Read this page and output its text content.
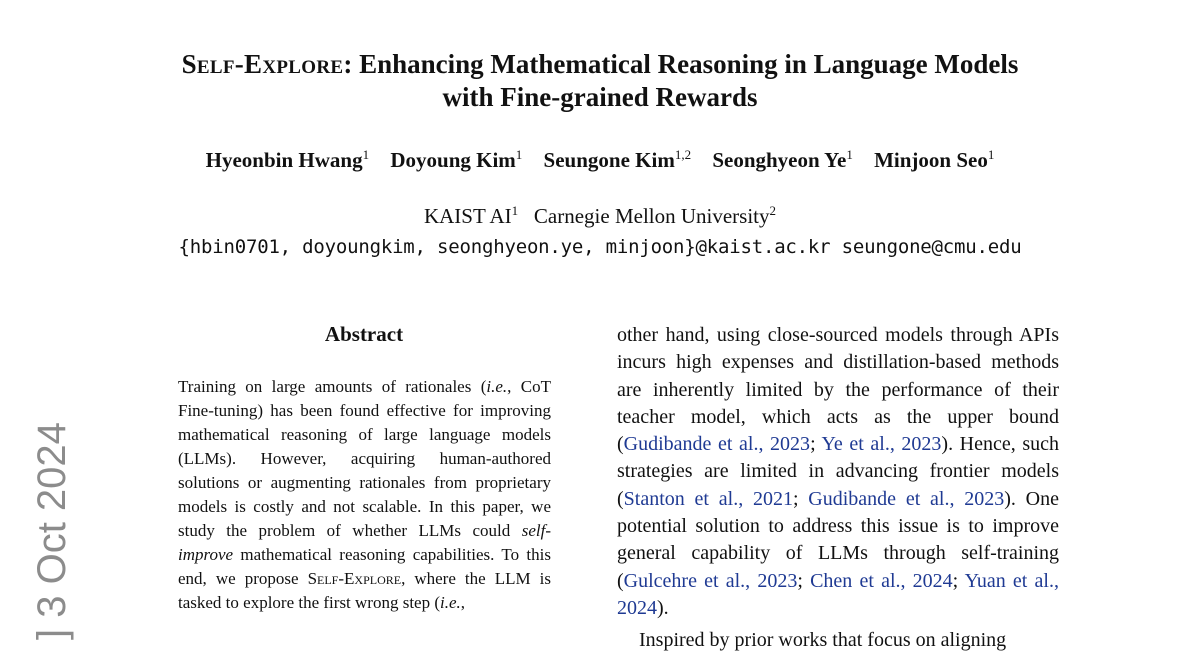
Self-Explore: Enhancing Mathematical Reasoning in Language Models
with Fine-grained Rewards
Hyeonbin Hwang$^1$ Doyoung Kim$^1$ Seungone Kim$^{1,2}$ Seonghyeon Ye$^1$ Minjoon Seo$^1$
KAIST $AI^1$ Carnegie Mellon University$^2$
{hbin0701, doyoungkim, seonghyeon.ye, minjoon}@kaist.ac.kr seungone@cmu.edu
Abstract
Training on large amounts of rationales (i.e., CoT Fine-tuning) has been found effective for improving mathematical reasoning of large language models (LLMs). However, acquiring human-authored solutions or augmenting rationales from proprietary models is costly and not scalable. In this paper, we study the problem of whether LLMs could self-improve mathematical reasoning capabilities. To this end, we propose Self-Explore, where the LLM is tasked to explore the first wrong step (i.e.,

other hand, using close-sourced models through APIs incurs high expenses and distillation-based methods are inherently limited by the performance of their teacher model, which acts as the upper bound (Gudibande et al., 2023; Ye et al., 2023). Hence, such strategies are limited in advancing frontier models (Stanton et al., 2021; Gudibande et al., 2023). One potential solution to address this issue is to improve general capability of LLMs through self-training (Gulcehre et al., 2023; Chen et al., 2024; Yuan et al., 2024).

Inspired by prior works that focus on aligning

] 3 Oct 2024
